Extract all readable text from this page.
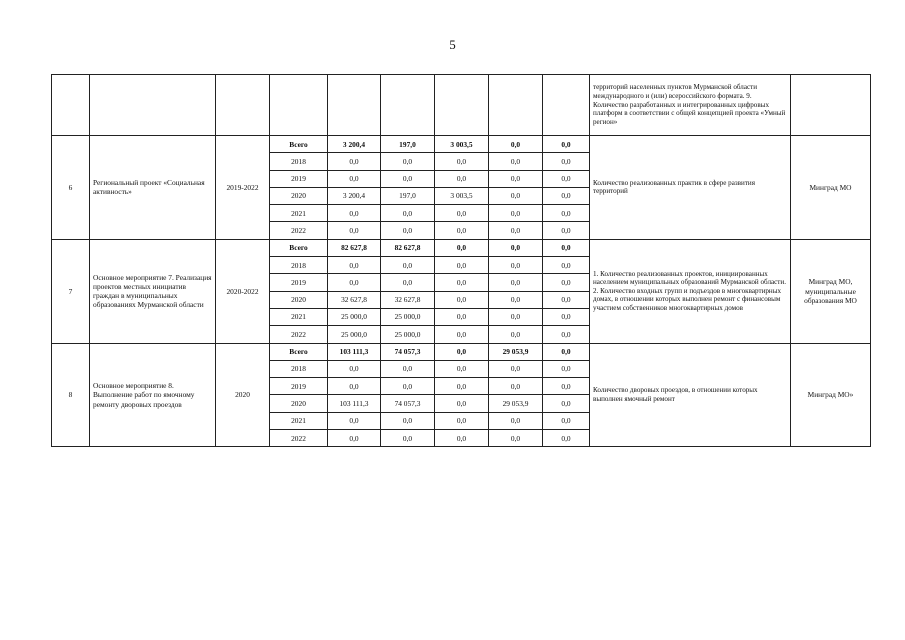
5
									территорий населенных пунктов Мурманской области международного и (или) всероссийского формата. 9. Количество разработанных и интегрированных цифровых платформ в соответствии с общей концепцией проекта «Умный регион»	
6	Региональный проект «Социальная активность»	2019-2022	Всего	3 200,4	197,0	3 003,5	0,0	0,0	Количество реализованных практик в сфере развития территорий	Минград МО
			2018	0,0	0,0	0,0	0,0	0,0		
			2019	0,0	0,0	0,0	0,0	0,0		
			2020	3 200,4	197,0	3 003,5	0,0	0,0		
			2021	0,0	0,0	0,0	0,0	0,0		
			2022	0,0	0,0	0,0	0,0	0,0		
7	Основное мероприятие 7. Реализация проектов местных инициатив граждан в муниципальных образованиях Мурманской области	2020-2022	Всего	82 627,8	82 627,8	0,0	0,0	0,0	1. Количество реализованных проектов, инициированных населением муниципальных образований Мурманской области. 2. Количество входных групп и подъездов в многоквартирных домах, в отношении которых выполнен ремонт с финансовым участием собственников многоквартирных домов	Минград МО, муниципальные образования МО
			2018	0,0	0,0	0,0	0,0	0,0		
			2019	0,0	0,0	0,0	0,0	0,0		
			2020	32 627,8	32 627,8	0,0	0,0	0,0		
			2021	25 000,0	25 000,0	0,0	0,0	0,0		
			2022	25 000,0	25 000,0	0,0	0,0	0,0		
8	Основное мероприятие 8. Выполнение работ по ямочному ремонту дворовых проездов	2020	Всего	103 111,3	74 057,3	0,0	29 053,9	0,0	Количество дворовых проездов, в отношении которых выполнен ямочный ремонт	Минград МО»
			2018	0,0	0,0	0,0	0,0	0,0		
			2019	0,0	0,0	0,0	0,0	0,0		
			2020	103 111,3	74 057,3	0,0	29 053,9	0,0		
			2021	0,0	0,0	0,0	0,0	0,0		
			2022	0,0	0,0	0,0	0,0	0,0		
